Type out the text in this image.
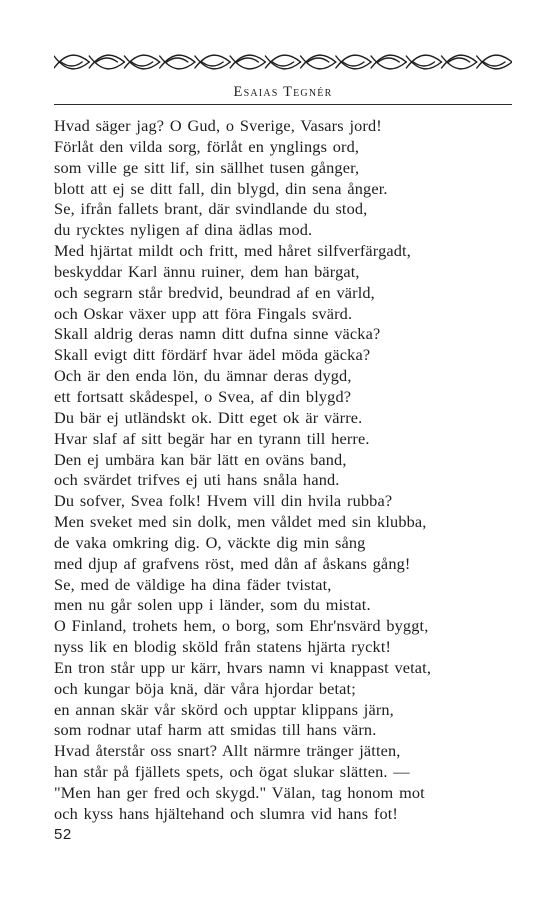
Esaias Tegnér
Hvad säger jag? O Gud, o Sverige, Vasars jord!
Förlåt den vilda sorg, förlåt en ynglings ord,
som ville ge sitt lif, sin sällhet tusen gånger,
blott att ej se ditt fall, din blygd, din sena ånger.
Se, ifrån fallets brant, där svindlande du stod,
du rycktes nyligen af dina ädlas mod.
Med hjärtat mildt och fritt, med håret silfverfärgadt,
beskyddar Karl ännu ruiner, dem han bärgat,
och segrarn står bredvid, beundrad af en värld,
och Oskar växer upp att föra Fingals svärd.
Skall aldrig deras namn ditt dufna sinne väcka?
Skall evigt ditt fördärf hvar ädel möda gäcka?
Och är den enda lön, du ämnar deras dygd,
ett fortsatt skådespel, o Svea, af din blygd?
Du bär ej utländskt ok. Ditt eget ok är värre.
Hvar slaf af sitt begär har en tyrann till herre.
Den ej umbära kan bär lätt en oväns band,
och svärdet trifves ej uti hans snåla hand.
Du sofver, Svea folk! Hvem vill din hvila rubba?
Men sveket med sin dolk, men våldet med sin klubba,
de vaka omkring dig. O, väckte dig min sång
med djup af grafvens röst, med dån af åskans gång!
Se, med de väldige ha dina fäder tvistat,
men nu går solen upp i länder, som du mistat.
O Finland, trohets hem, o borg, som Ehr'nsvärd byggt,
nyss lik en blodig sköld från statens hjärta ryckt!
En tron står upp ur kärr, hvars namn vi knappast vetat,
och kungar böja knä, där våra hjordar betat;
en annan skär vår skörd och upptar klippans järn,
som rodnar utaf harm att smidas till hans värn.
Hvad återstår oss snart? Allt närmre tränger jätten,
han står på fjällets spets, och ögat slukar slätten. —
"Men han ger fred och skygd." Välan, tag honom mot
och kyss hans hjältehand och slumra vid hans fot!
52
